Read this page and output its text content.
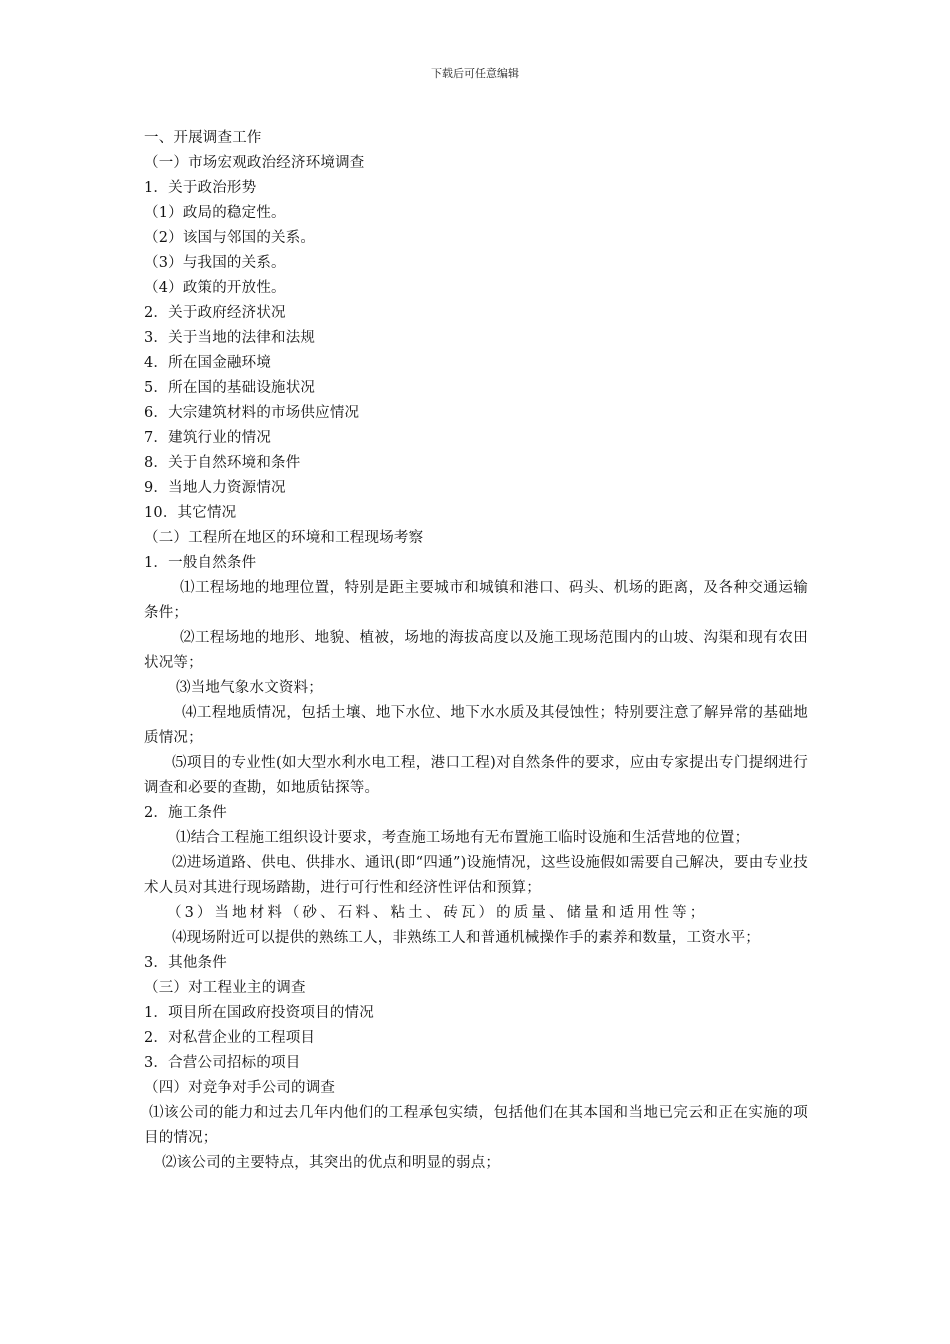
下载后可任意编辑
一、开展调查工作
（一）市场宏观政治经济环境调查
1．关于政治形势
（1）政局的稳定性。
（2）该国与邻国的关系。
（3）与我国的关系。
（4）政策的开放性。
2．关于政府经济状况
3．关于当地的法律和法规
4．所在国金融环境
5．所在国的基础设施状况
6．大宗建筑材料的市场供应情况
7．建筑行业的情况
8．关于自然环境和条件
9．当地人力资源情况
10．其它情况
（二）工程所在地区的环境和工程现场考察
1．一般自然条件
⑴工程场地的地理位置，特别是距主要城市和城镇和港口、码头、机场的距离，及各种交通运输条件；
⑵工程场地的地形、地貌、植被，场地的海拔高度以及施工现场范围内的山坡、沟渠和现有农田状况等；
⑶当地气象水文资料；
⑷工程地质情况，包括土壤、地下水位、地下水水质及其侵蚀性；特别要注意了解异常的基础地质情况；
⑸项目的专业性(如大型水利水电工程，港口工程)对自然条件的要求，应由专家提出专门提纲进行调查和必要的查勘，如地质钻探等。
2．施工条件
⑴结合工程施工组织设计要求，考查施工场地有无布置施工临时设施和生活营地的位置；
⑵进场道路、供电、供排水、通讯(即“四通”)设施情况，这些设施假如需要自己解决，要由专业技术人员对其进行现场踏勘，进行可行性和经济性评估和预算；
（3）当地材料（砂、石料、粘土、砖瓦）的质量、储量和适用性等；
⑷现场附近可以提供的熟练工人，非熟练工人和普通机械操作手的素养和数量，工资水平；
3．其他条件
（三）对工程业主的调查
1．项目所在国政府投资项目的情况
2．对私营企业的工程项目
3．合营公司招标的项目
（四）对竞争对手公司的调查
⑴该公司的能力和过去几年内他们的工程承包实绩，包括他们在其本国和当地已完云和正在实施的项目的情况；
⑵该公司的主要特点，其突出的优点和明显的弱点；
